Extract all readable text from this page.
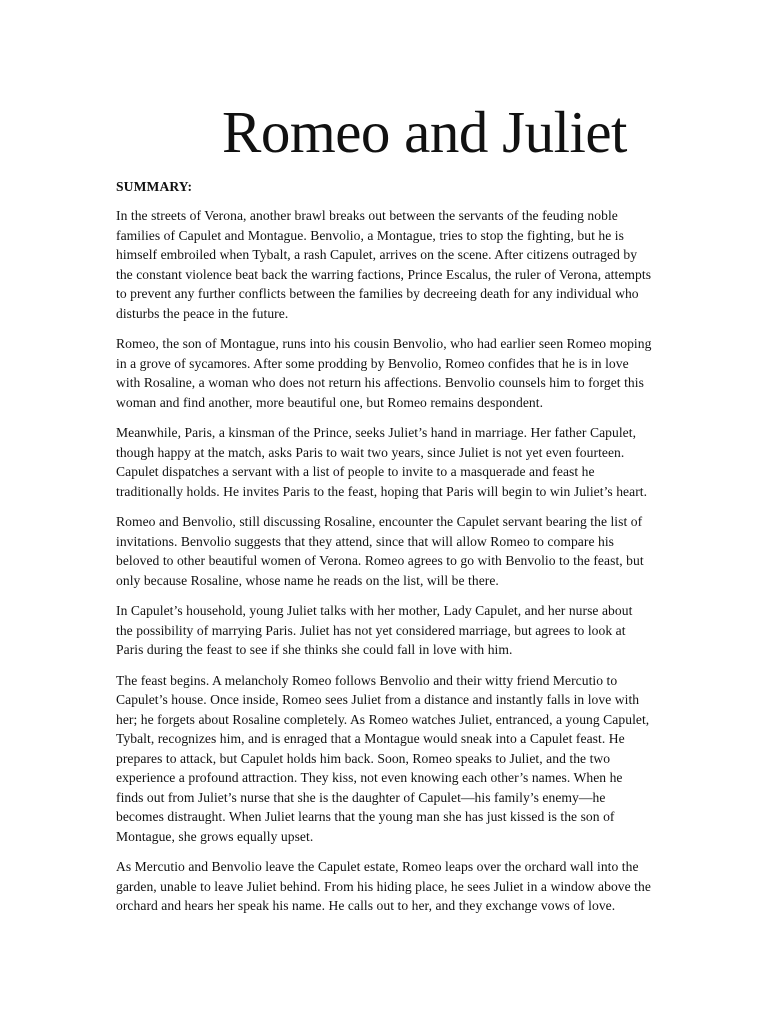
Romeo and Juliet
SUMMARY:

In the streets of Verona, another brawl breaks out between the servants of the feuding noble
families of Capulet and Montague. Benvolio, a Montague, tries to stop the fighting, but he is
himself embroiled when Tybalt, a rash Capulet, arrives on the scene. After citizens outraged by
the constant violence beat back the warring factions, Prince Escalus, the ruler of Verona, attempts
to prevent any further conflicts between the families by decreeing death for any individual who
disturbs the peace in the future.

Romeo, the son of Montague, runs into his cousin Benvolio, who had earlier seen Romeo moping
in a grove of sycamores. After some prodding by Benvolio, Romeo confides that he is in love
with Rosaline, a woman who does not return his affections. Benvolio counsels him to forget this
woman and find another, more beautiful one, but Romeo remains despondent.

Meanwhile, Paris, a kinsman of the Prince, seeks Juliet’s hand in marriage. Her father Capulet,
though happy at the match, asks Paris to wait two years, since Juliet is not yet even fourteen.
Capulet dispatches a servant with a list of people to invite to a masquerade and feast he
traditionally holds. He invites Paris to the feast, hoping that Paris will begin to win Juliet’s heart.

Romeo and Benvolio, still discussing Rosaline, encounter the Capulet servant bearing the list of
invitations. Benvolio suggests that they attend, since that will allow Romeo to compare his
beloved to other beautiful women of Verona. Romeo agrees to go with Benvolio to the feast, but
only because Rosaline, whose name he reads on the list, will be there.

In Capulet’s household, young Juliet talks with her mother, Lady Capulet, and her nurse about
the possibility of marrying Paris. Juliet has not yet considered marriage, but agrees to look at
Paris during the feast to see if she thinks she could fall in love with him.

The feast begins. A melancholy Romeo follows Benvolio and their witty friend Mercutio to
Capulet’s house. Once inside, Romeo sees Juliet from a distance and instantly falls in love with
her; he forgets about Rosaline completely. As Romeo watches Juliet, entranced, a young Capulet,
Tybalt, recognizes him, and is enraged that a Montague would sneak into a Capulet feast. He
prepares to attack, but Capulet holds him back. Soon, Romeo speaks to Juliet, and the two
experience a profound attraction. They kiss, not even knowing each other’s names. When he
finds out from Juliet’s nurse that she is the daughter of Capulet—his family’s enemy—he
becomes distraught. When Juliet learns that the young man she has just kissed is the son of
Montague, she grows equally upset.

As Mercutio and Benvolio leave the Capulet estate, Romeo leaps over the orchard wall into the
garden, unable to leave Juliet behind. From his hiding place, he sees Juliet in a window above the
orchard and hears her speak his name. He calls out to her, and they exchange vows of love.
